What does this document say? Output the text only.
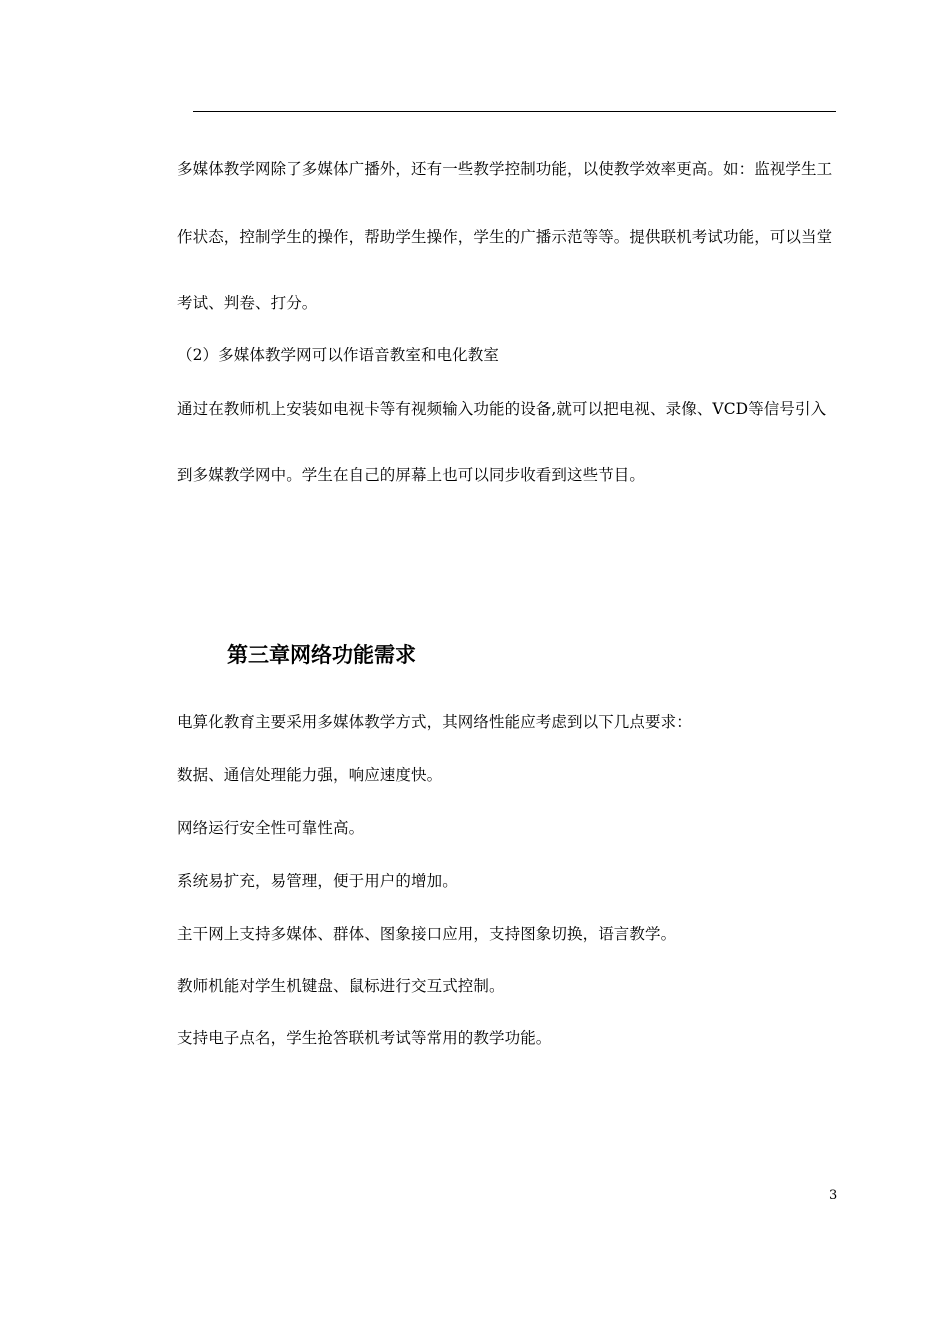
多媒体教学网除了多媒体广播外，还有一些教学控制功能，以使教学效率更高。如：监视学生工
作状态，控制学生的操作，帮助学生操作，学生的广播示范等等。提供联机考试功能，可以当堂
考试、判卷、打分。
（2）多媒体教学网可以作语音教室和电化教室
通过在教师机上安装如电视卡等有视频输入功能的设备,就可以把电视、录像、VCD等信号引入
到多媒教学网中。学生在自己的屏幕上也可以同步收看到这些节目。
第三章网络功能需求
电算化教育主要采用多媒体教学方式，其网络性能应考虑到以下几点要求：
数据、通信处理能力强，响应速度快。
网络运行安全性可靠性高。
系统易扩充，易管理，便于用户的增加。
主干网上支持多媒体、群体、图象接口应用，支持图象切换，语言教学。
教师机能对学生机键盘、鼠标进行交互式控制。
支持电子点名，学生抢答联机考试等常用的教学功能。
3
